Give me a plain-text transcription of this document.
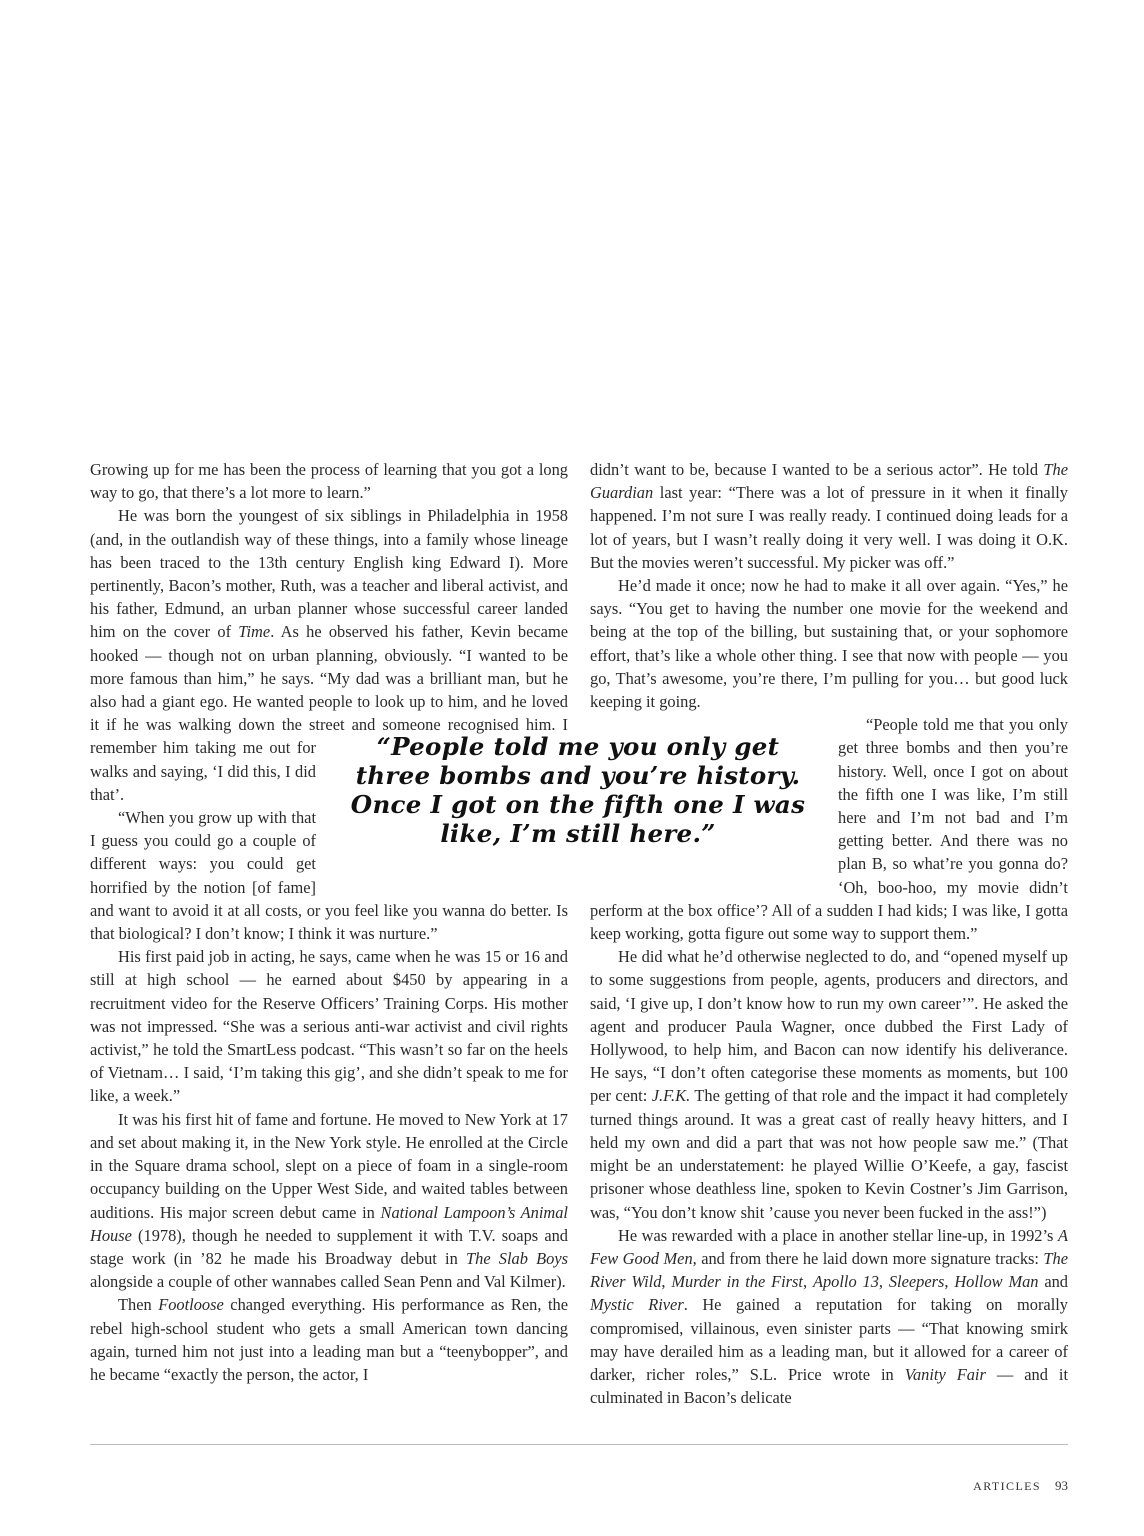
Growing up for me has been the process of learning that you got a long way to go, that there’s a lot more to learn.”

He was born the youngest of six siblings in Philadelphia in 1958 (and, in the outlandish way of these things, into a family whose lineage has been traced to the 13th century English king Edward I). More pertinently, Bacon’s mother, Ruth, was a teacher and liberal activist, and his father, Edmund, an urban planner whose successful career landed him on the cover of Time. As he observed his father, Kevin became hooked — though not on urban planning, obviously. “I wanted to be more famous than him,” he says. “My dad was a brilliant man, but he also had a giant ego. He wanted people to look up to him, and he loved it if he was walking down the street and someone recognised him. I remember him taking me out for walks and saying, ‘I did this, I did that’.

“When you grow up with that I guess you could go a couple of different ways: you could get horrified by the notion [of fame] and want to avoid it at all costs, or you feel like you wanna do better. Is that biological? I don’t know; I think it was nurture.”

His first paid job in acting, he says, came when he was 15 or 16 and still at high school — he earned about $450 by appearing in a recruitment video for the Reserve Officers’ Training Corps. His mother was not impressed. “She was a serious anti-war activist and civil rights activist,” he told the SmartLess podcast. “This wasn’t so far on the heels of Vietnam… I said, ‘I’m taking this gig’, and she didn’t speak to me for like, a week.”

It was his first hit of fame and fortune. He moved to New York at 17 and set about making it, in the New York style. He enrolled at the Circle in the Square drama school, slept on a piece of foam in a single-room occupancy building on the Upper West Side, and waited tables between auditions. His major screen debut came in National Lampoon’s Animal House (1978), though he needed to supplement it with T.V. soaps and stage work (in ’82 he made his Broadway debut in The Slab Boys alongside a couple of other wannabes called Sean Penn and Val Kilmer).

Then Footloose changed everything. His performance as Ren, the rebel high-school student who gets a small American town dancing again, turned him not just into a leading man but a “teenybopper”, and he became “exactly the person, the actor, I

didn’t want to be, because I wanted to be a serious actor”. He told The Guardian last year: “There was a lot of pressure in it when it finally happened. I’m not sure I was really ready. I continued doing leads for a lot of years, but I wasn’t really doing it very well. I was doing it O.K. But the movies weren’t successful. My picker was off.”

He’d made it once; now he had to make it all over again. “Yes,” he says. “You get to having the number one movie for the weekend and being at the top of the billing, but sustaining that, or your sophomore effort, that’s like a whole other thing. I see that now with people — you go, That’s awesome, you’re there, I’m pulling for you… but good luck keeping it going.

“People told me that you only get three bombs and then you’re history. Well, once I got on about the fifth one I was like, I’m still here and I’m not bad and I’m getting better. And there was no plan B, so what’re you gonna do? ‘Oh, boo-hoo, my movie didn’t perform at the box office’? All of a sudden I had kids; I was like, I gotta keep working, gotta figure out some way to support them.”

He did what he’d otherwise neglected to do, and “opened myself up to some suggestions from people, agents, producers and directors, and said, ‘I give up, I don’t know how to run my own career’”. He asked the agent and producer Paula Wagner, once dubbed the First Lady of Hollywood, to help him, and Bacon can now identify his deliverance. He says, “I don’t often categorise these moments as moments, but 100 per cent: J.F.K. The getting of that role and the impact it had completely turned things around. It was a great cast of really heavy hitters, and I held my own and did a part that was not how people saw me.” (That might be an understatement: he played Willie O’Keefe, a gay, fascist prisoner whose deathless line, spoken to Kevin Costner’s Jim Garrison, was, “You don’t know shit ’cause you never been fucked in the ass!”)

He was rewarded with a place in another stellar line-up, in 1992’s A Few Good Men, and from there he laid down more signature tracks: The River Wild, Murder in the First, Apollo 13, Sleepers, Hollow Man and Mystic River. He gained a reputation for taking on morally compromised, villainous, even sinister parts — “That knowing smirk may have derailed him as a leading man, but it allowed for a career of darker, richer roles,” S.L. Price wrote in Vanity Fair — and it culminated in Bacon’s delicate

“People told me you only get three bombs and you’re history. Once I got on the fifth one I was like, I’m still here.”
ARTICLES 93
